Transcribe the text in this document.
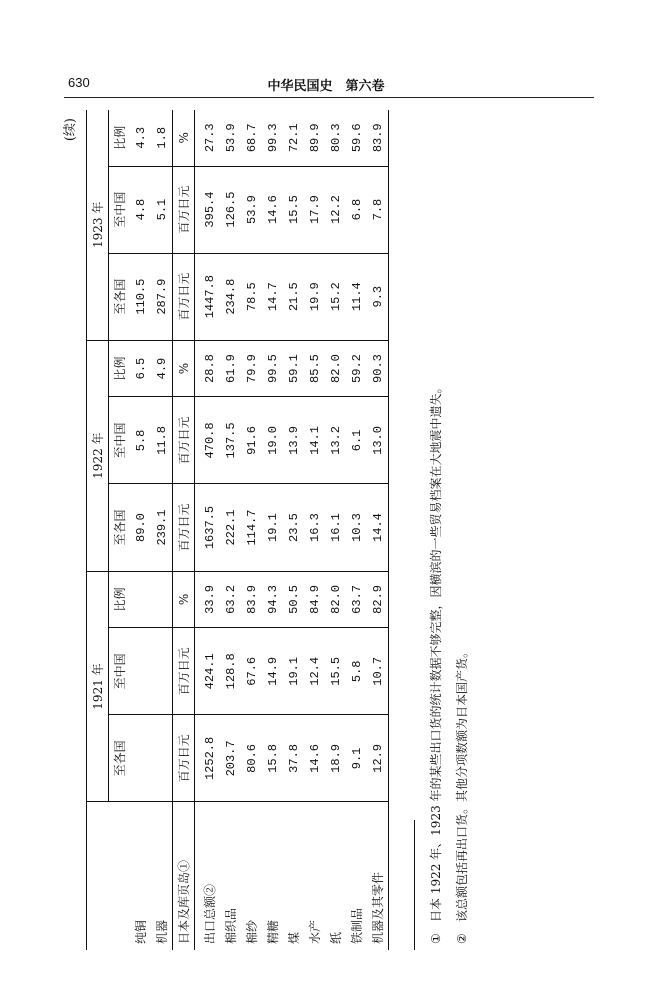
630	中华民国史　第六卷
(续)
	1921 年			1922 年			1923 年		
	至各国	至中国	比例	至各国	至中国	比例	至各国	至中国	比例
纯铜				89.0	5.8	6.5	110.5	4.8	4.3
机器				239.1	11.8	4.9	287.9	5.1	1.8
日本及库页岛①	百万日元	百万日元	%	百万日元	百万日元	%	百万日元	百万日元	%
出口总额②	1252.8	424.1	33.9	1637.5	470.8	28.8	1447.8	395.4	27.3
棉织品	203.7	128.8	63.2	222.1	137.5	61.9	234.8	126.5	53.9
棉纱	80.6	67.6	83.9	114.7	91.6	79.9	78.5	53.9	68.7
精糖	15.8	14.9	94.3	19.1	19.0	99.5	14.7	14.6	99.3
煤	37.8	19.1	50.5	23.5	13.9	59.1	21.5	15.5	72.1
水产	14.6	12.4	84.9	16.3	14.1	85.5	19.9	17.9	89.9
纸	18.9	15.5	82.0	16.1	13.2	82.0	15.2	12.2	80.3
铁制品	9.1	5.8	63.7	10.3	6.1	59.2	11.4	6.8	59.6
机器及其零件	12.9	10.7	82.9	14.4	13.0	90.3	9.3	7.8	83.9
①日本 1922 年、1923 年的某些出口货的统计数据不够完整，因横滨的一些贸易档案在大地震中遗失。
②该总额包括再出口货。其他分项数额为日本国产货。
